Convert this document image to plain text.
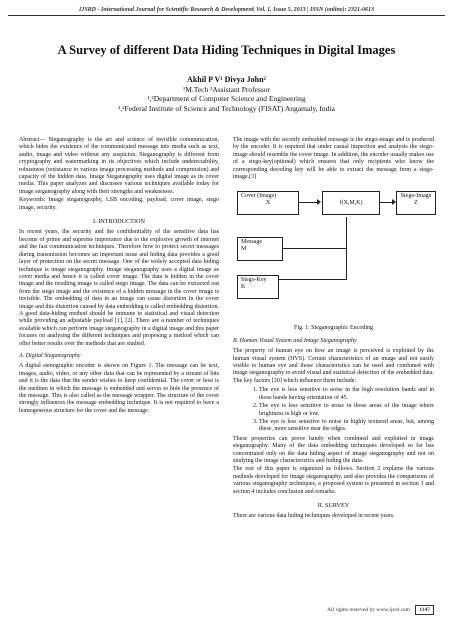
IJSRD - International Journal for Scientific Research & Development| Vol. 1, Issue 5, 2013 | ISSN (online): 2321-0613
A Survey of different Data Hiding Techniques in Digital Images
Akhil P V¹ Divya John²
¹M.Tech ²Assistant Professor
¹,²Department of Computer Science and Engineering
¹,²Federal Institute of Science and Technology (FISAT) Angamaly, India

Abstract— Steganography is the art and science of invisible communication, which hides the existence of the communicated message into media such as text, audio, image and video without any suspicion. Steganography is different from cryptography and watermarking in its objectives which include undetectability, robustness (resistance to various image processing methods and compression) and capacity of the hidden data. Image Steganography uses digital image as its cover media. This paper analyzes and discusses various techniques available today for image steganography along with their strengths and weaknesses.

Keywords: Image steganography, LSB encoding, payload, cover image, stego image, security.

I. INTRODUCTION

In recent years, the security and the confidentiality of the sensitive data has become of prime and supreme importance due to the explosive growth of internet and the fast communication techniques. Therefore how to protect secret messages during transmission becomes an important issue and hiding data provides a good layer of protection on the secret message. One of the widely accepted data hiding technique is image steganography. Image steganography uses a digital image as cover media and hence it is called cover image. The data is hidden in the cover image and the resulting image is called stego image. The data can be extracted out from the stego image and the existence of a hidden message in the cover image is invisible. The embedding of data in an image can cause distortion in the cover image and this distortion caused by data embedding is called embedding distortion. A good data-hiding method should be immune to statistical and visual detection while providing an adjustable payload [1], [2]. There are a number of techniques available which can perform image steganography in a digital image and this paper focuses on analysing the different techniques and proposing a method which can offer better results over the methods that are studied.

A. Digital Steganography

A digital stenographic encoder is shown on Figure 1. The message can be text, images, audio, video, or any other data that can be represented by a stream of bits and it is the data that the sender wishes to keep confidential. The cover or host is the medium in which the message is embedded and serves to hide the presence of the message. This is also called as the message wrapper. The structure of the cover strongly influences the message embedding technique. It is not required to have a homogeneous structure for the cover and the message.

The image with the secretly embedded message is the stego-image and is produced by the encoder. It is required that under casual inspection and analysis the stego-image should resemble the cover image. In addition, the encoder usually makes use of a stego-key(optional) which ensures that only recipients who know the corresponding decoding key will be able to extract the message from a stego-image.[3]

Cover (Image)
X	f(X,M,K)
Stego-Image
Z
Message
M
Stego-Key
K
Fig. 1: Steganographic Encoding
B. Human Visual System and Image Steganography

The property of human eye on how an image is perceived is exploited by the human visual system (HVS). Certain characteristics of an image and not easily visible to human eye and those characteristics can be used and combined with image steganography to avoid visual and statistical detection of the embedded data. The key factors [20] which influence them include:

1. The eye is less sensitive to noise in the high resolution bands and in those bands having orientation of 45.
2. The eye is less sensitive to noise in those areas of the image where brightness is high or low.
3. The eye is less sensitive to noise in highly textured areas, but, among these, more sensitive near the edges.

These properties can prove handy when combined and exploited in image steganography. Many of the data embedding techniques developed so far has concentrated only on the data hiding aspect of image steganography and not on studying the image characteristics and hiding the data.

The rest of this paper is organized as follows. Section 2 explains the various methods developed for image steganography, and also provides the comparisons of various steganography techniques, a proposed system is presented in section 3 and section 4 includes conclusion and remarks.

II. SURVEY

There are various data hiding techniques developed in recent years.

All rights reserved by www.ijsrd.com 1147
